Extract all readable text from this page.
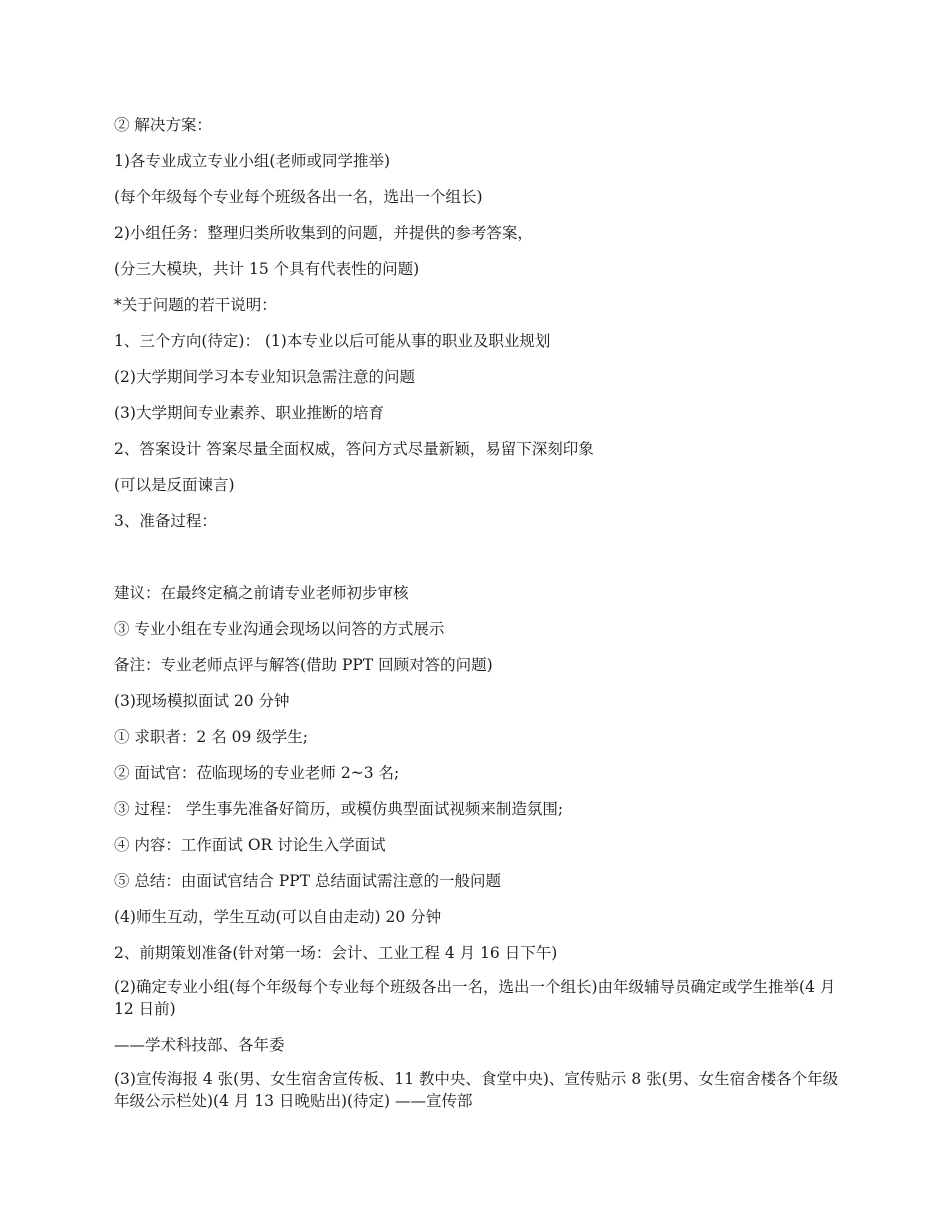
② 解决方案：
1)各专业成立专业小组(老师或同学推举)
(每个年级每个专业每个班级各出一名，选出一个组长)
2)小组任务：整理归类所收集到的问题，并提供的参考答案，
(分三大模块，共计 15 个具有代表性的问题)
*关于问题的若干说明：
1、三个方向(待定)： (1)本专业以后可能从事的职业及职业规划
(2)大学期间学习本专业知识急需注意的问题
(3)大学期间专业素养、职业推断的培育
2、答案设计 答案尽量全面权威，答问方式尽量新颖，易留下深刻印象
(可以是反面谏言)
3、准备过程：
建议：在最终定稿之前请专业老师初步审核
③ 专业小组在专业沟通会现场以问答的方式展示
备注：专业老师点评与解答(借助 PPT 回顾对答的问题)
(3)现场模拟面试 20 分钟
① 求职者：2 名 09 级学生;
② 面试官：莅临现场的专业老师 2~3 名;
③ 过程： 学生事先准备好简历，或模仿典型面试视频来制造氛围;
④ 内容：工作面试 OR 讨论生入学面试
⑤ 总结：由面试官结合 PPT 总结面试需注意的一般问题
(4)师生互动，学生互动(可以自由走动) 20 分钟
2、前期策划准备(针对第一场：会计、工业工程 4 月 16 日下午)
(2)确定专业小组(每个年级每个专业每个班级各出一名，选出一个组长)由年级辅导员确定或学生推举(4 月 12 日前)
——学术科技部、各年委
(3)宣传海报 4 张(男、女生宿舍宣传板、11 教中央、食堂中央)、宣传贴示 8 张(男、女生宿舍楼各个年级年级公示栏处)(4 月 13 日晚贴出)(待定) ——宣传部
